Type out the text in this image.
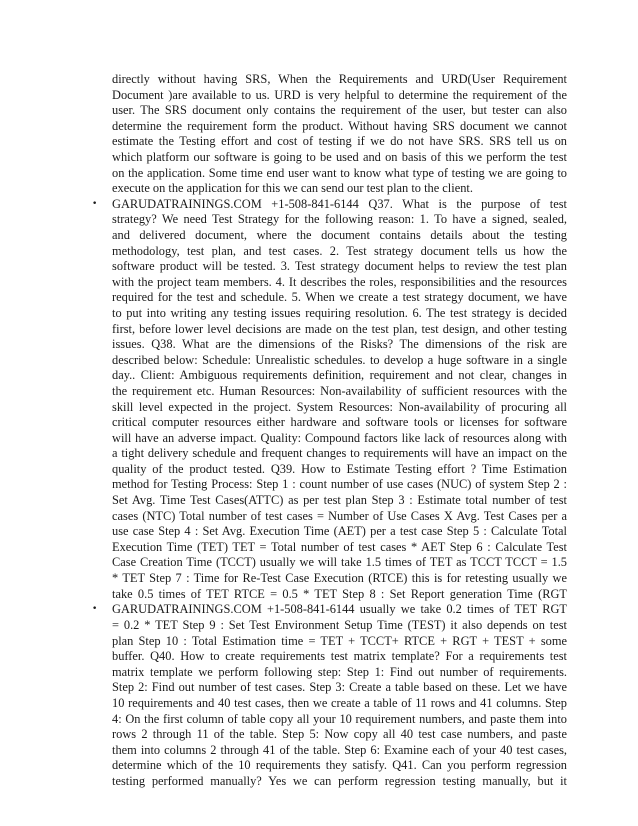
directly without having SRS, When the Requirements and URD(User Requirement
Document )are available to us. URD is very helpful to determine the requirement of the
user. The SRS document only contains the requirement of the user, but tester can also
determine the requirement form the product. Without having SRS document we cannot
estimate the Testing effort and cost of testing if we do not have SRS. SRS tell us on
which platform our software is going to be used and on basis of this we perform the test
on the application. Some time end user want to know what type of testing we are going to
execute on the application for this we can send our test plan to the client.
• GARUDATRAININGS.COM +1-508-841-6144 Q37. What is the purpose of test
strategy? We need Test Strategy for the following reason: 1. To have a signed, sealed,
and delivered document, where the document contains details about the testing
methodology, test plan, and test cases. 2. Test strategy document tells us how the
software product will be tested. 3. Test strategy document helps to review the test plan
with the project team members. 4. It describes the roles, responsibilities and the resources
required for the test and schedule. 5. When we create a test strategy document, we have
to put into writing any testing issues requiring resolution. 6. The test strategy is decided
first, before lower level decisions are made on the test plan, test design, and other testing
issues. Q38. What are the dimensions of the Risks? The dimensions of the risk are
described below: Schedule: Unrealistic schedules. to develop a huge software in a single
day.. Client: Ambiguous requirements definition, requirement and not clear, changes in
the requirement etc. Human Resources: Non-availability of sufficient resources with the
skill level expected in the project. System Resources: Non-availability of procuring all
critical computer resources either hardware and software tools or licenses for software
will have an adverse impact. Quality: Compound factors like lack of resources along with
a tight delivery schedule and frequent changes to requirements will have an impact on the
quality of the product tested. Q39. How to Estimate Testing effort ? Time Estimation
method for Testing Process: Step 1 : count number of use cases (NUC) of system Step 2 :
Set Avg. Time Test Cases(ATTC) as per test plan Step 3 : Estimate total number of test
cases (NTC) Total number of test cases = Number of Use Cases X Avg. Test Cases per a
use case Step 4 : Set Avg. Execution Time (AET) per a test case Step 5 : Calculate Total
Execution Time (TET) TET = Total number of test cases * AET Step 6 : Calculate Test
Case Creation Time (TCCT) usually we will take 1.5 times of TET as TCCT TCCT = 1.5
* TET Step 7 : Time for Re-Test Case Execution (RTCE) this is for retesting usually we
take 0.5 times of TET RTCE = 0.5 * TET Step 8 : Set Report generation Time (RGT
• GARUDATRAININGS.COM +1-508-841-6144 usually we take 0.2 times of TET RGT
= 0.2 * TET Step 9 : Set Test Environment Setup Time (TEST) it also depends on test
plan Step 10 : Total Estimation time = TET + TCCT+ RTCE + RGT + TEST + some
buffer. Q40. How to create requirements test matrix template? For a requirements test
matrix template we perform following step: Step 1: Find out number of requirements.
Step 2: Find out number of test cases. Step 3: Create a table based on these. Let we have
10 requirements and 40 test cases, then we create a table of 11 rows and 41 columns. Step
4: On the first column of table copy all your 10 requirement numbers, and paste them into
rows 2 through 11 of the table. Step 5: Now copy all 40 test case numbers, and paste
them into columns 2 through 41 of the table. Step 6: Examine each of your 40 test cases,
determine which of the 10 requirements they satisfy. Q41. Can you perform regression
testing performed manually? Yes we can perform regression testing manually, but it
